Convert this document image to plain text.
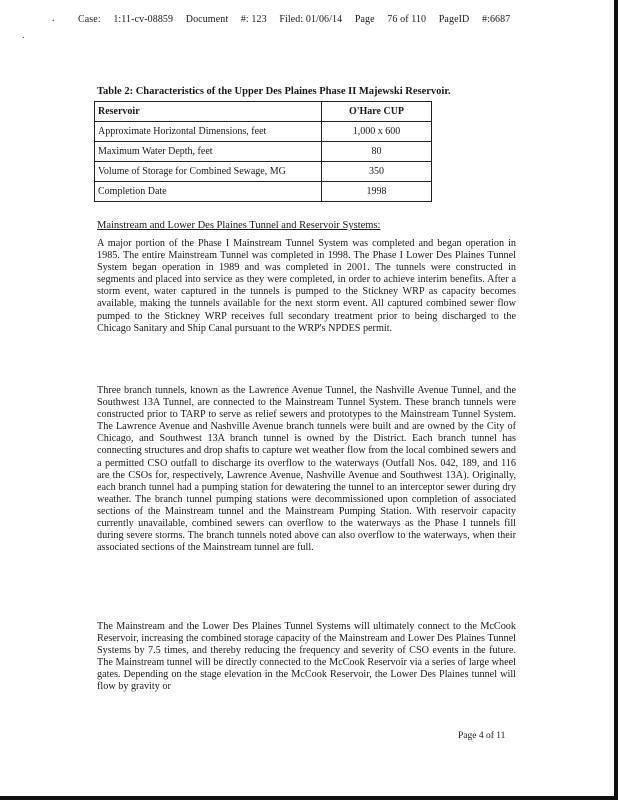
.
.
Case: 1:11-cv-08859 Document #: 123 Filed: 01/06/14 Page 76 of 110 PageID #:6687
Table 2: Characteristics of the Upper Des Plaines Phase II Majewski Reservoir.
Reservoir	O'Hare CUP
Approximate Horizontal Dimensions, feet	1,000 x 600
Maximum Water Depth, feet	80
Volume of Storage for Combined Sewage, MG	350
Completion Date	1998
Mainstream and Lower Des Plaines Tunnel and Reservoir Systems:

A major portion of the Phase I Mainstream Tunnel System was completed and began operation in 1985. The entire Mainstream Tunnel was completed in 1998. The Phase I Lower Des Plaines Tunnel System began operation in 1989 and was completed in 2001. The tunnels were constructed in segments and placed into service as they were completed, in order to achieve interim benefits. After a storm event, water captured in the tunnels is pumped to the Stickney WRP as capacity becomes available, making the tunnels available for the next storm event. All captured combined sewer flow pumped to the Stickney WRP receives full secondary treatment prior to being discharged to the Chicago Sanitary and Ship Canal pursuant to the WRP's NPDES permit.

Three branch tunnels, known as the Lawrence Avenue Tunnel, the Nashville Avenue Tunnel, and the Southwest 13A Tunnel, are connected to the Mainstream Tunnel System. These branch tunnels were constructed prior to TARP to serve as relief sewers and prototypes to the Mainstream Tunnel System. The Lawrence Avenue and Nashville Avenue branch tunnels were built and are owned by the City of Chicago, and Southwest 13A branch tunnel is owned by the District. Each branch tunnel has connecting structures and drop shafts to capture wet weather flow from the local combined sewers and a permitted CSO outfall to discharge its overflow to the waterways (Outfall Nos. 042, 189, and 116 are the CSOs for, respectively, Lawrence Avenue, Nashville Avenue and Southwest 13A). Originally, each branch tunnel had a pumping station for dewatering the tunnel to an interceptor sewer during dry weather. The branch tunnel pumping stations were decommissioned upon completion of associated sections of the Mainstream tunnel and the Mainstream Pumping Station. With reservoir capacity currently unavailable, combined sewers can overflow to the waterways as the Phase I tunnels fill during severe storms. The branch tunnels noted above can also overflow to the waterways, when their associated sections of the Mainstream tunnel are full.

The Mainstream and the Lower Des Plaines Tunnel Systems will ultimately connect to the McCook Reservoir, increasing the combined storage capacity of the Mainstream and Lower Des Plaines Tunnel Systems by 7.5 times, and thereby reducing the frequency and severity of CSO events in the future. The Mainstream tunnel will be directly connected to the McCook Reservoir via a series of large wheel gates. Depending on the stage elevation in the McCook Reservoir, the Lower Des Plaines tunnel will flow by gravity or

Page 4 of 11
